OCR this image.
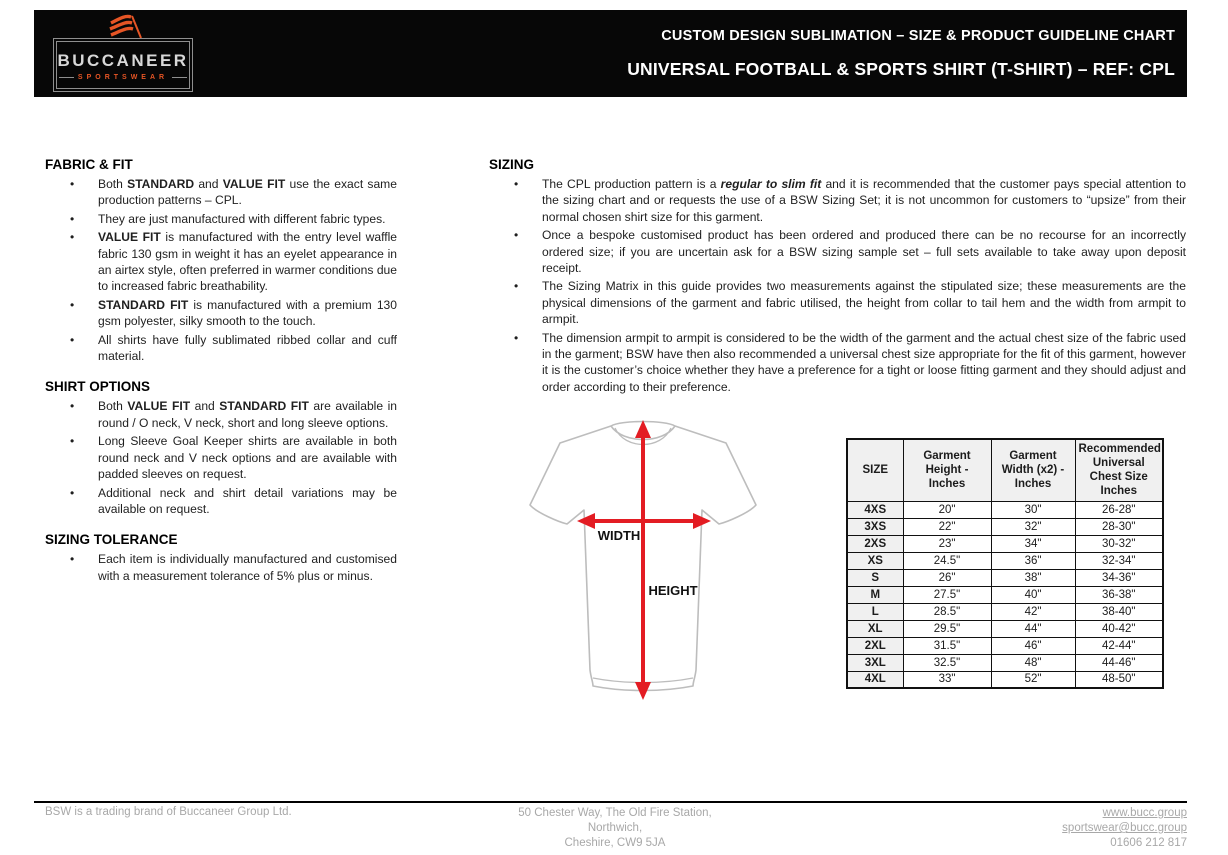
BUCCANEER
SPORTSWEAR
CUSTOM DESIGN SUBLIMATION – SIZE & PRODUCT GUIDELINE CHART
UNIVERSAL FOOTBALL & SPORTS SHIRT (T-SHIRT) – REF: CPL
FABRIC & FIT
• Both STANDARD and VALUE FIT use the exact same production patterns – CPL.
• They are just manufactured with different fabric types.
• VALUE FIT is manufactured with the entry level waffle fabric 130 gsm in weight it has an eyelet appearance in an airtex style, often preferred in warmer conditions due to increased fabric breathability.
• STANDARD FIT is manufactured with a premium 130 gsm polyester, silky smooth to the touch.
• All shirts have fully sublimated ribbed collar and cuff material.
SHIRT OPTIONS
• Both VALUE FIT and STANDARD FIT are available in round / O neck, V neck, short and long sleeve options.
• Long Sleeve Goal Keeper shirts are available in both round neck and V neck options and are available with padded sleeves on request.
• Additional neck and shirt detail variations may be available on request.
SIZING TOLERANCE
• Each item is individually manufactured and customised with a measurement tolerance of 5% plus or minus.
SIZING
• The CPL production pattern is a regular to slim fit and it is recommended that the customer pays special attention to the sizing chart and or requests the use of a BSW Sizing Set; it is not uncommon for customers to “upsize” from their normal chosen shirt size for this garment.
• Once a bespoke customised product has been ordered and produced there can be no recourse for an incorrectly ordered size; if you are uncertain ask for a BSW sizing sample set – full sets available to take away upon deposit receipt.
• The Sizing Matrix in this guide provides two measurements against the stipulated size; these measurements are the physical dimensions of the garment and fabric utilised, the height from collar to tail hem and the width from armpit to armpit.
• The dimension armpit to armpit is considered to be the width of the garment and the actual chest size of the fabric used in the garment; BSW have then also recommended a universal chest size appropriate for the fit of this garment, however it is the customer’s choice whether they have a preference for a tight or loose fitting garment and they should adjust and order according to their preference.
WIDTH
HEIGHT
SIZE	Garment Height - Inches	Garment Width (x2) - Inches	Recommended Universal Chest Size Inches
4XS	20"	30"	26-28"
3XS	22"	32"	28-30"
2XS	23"	34"	30-32"
XS	24.5"	36"	32-34"
S	26"	38"	34-36"
M	27.5"	40"	36-38"
L	28.5"	42"	38-40"
XL	29.5"	44"	40-42"
2XL	31.5"	46"	42-44"
3XL	32.5"	48"	44-46"
4XL	33"	52"	48-50"
BSW is a trading brand of Buccaneer Group Ltd.	50 Chester Way, The Old Fire Station,
Northwich,
Cheshire, CW9 5JA
www.bucc.group
sportswear@bucc.group
01606 212 817
